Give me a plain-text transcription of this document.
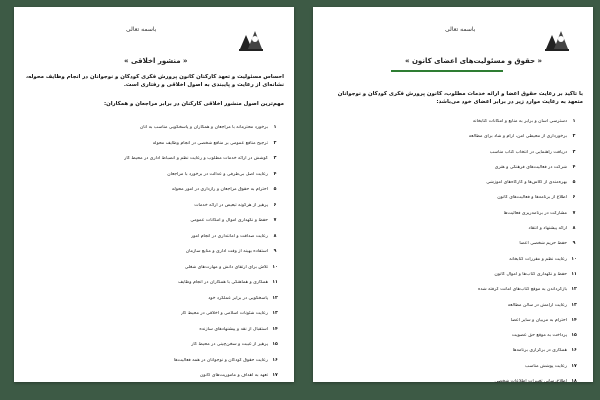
باسمه تعالی
« منشور اخلاقی »
احساس مسئولیت و تعهد کارکنان کانون پرورش فکری کودکان و نوجوانان در انجام وظایف محوله، نشانه‌ای از رعایت و پایبندی به اصول اخلاقی و رفتاری است.
مهم‌ترین اصول منشور اخلاقی کارکنان در برابر مراجعان و همکاران:
۱
برخورد محترمانه با مراجعان و همکاران و پاسخگویی مناسب به آنان
۲
ترجیح منافع عمومی بر منافع شخصی در انجام وظایف محوله
۳
کوشش در ارائه خدمات مطلوب و رعایت نظم و انضباط اداری در محیط کار
۴
رعایت اصل بی‌طرفی و عدالت در برخورد با مراجعان
۵
احترام به حقوق مراجعان و رازداری در امور محوله
۶
پرهیز از هرگونه تبعیض در ارائه خدمات
۷
حفظ و نگهداری اموال و امکانات عمومی
۸
رعایت صداقت و امانتداری در انجام امور
۹
استفاده بهینه از وقت اداری و منابع سازمان
۱۰
تلاش برای ارتقای دانش و مهارت‌های شغلی
۱۱
همکاری و هماهنگی با همکاران در انجام وظایف
۱۲
پاسخگویی در برابر عملکرد خود
۱۳
رعایت شئونات اسلامی و اخلاقی در محیط کار
۱۴
استقبال از نقد و پیشنهادهای سازنده
۱۵
پرهیز از غیبت و سخن‌چینی در محیط کار
۱۶
رعایت حقوق کودکان و نوجوانان در همه فعالیت‌ها
۱۷
تعهد به اهداف و ماموریت‌های کانون
باسمه تعالی
« حقوق و مسئولیت‌های اعضای کانون »
با تاکید بر رعایت حقوق اعضا و ارائه خدمات مطلوب، کانون پرورش فکری کودکان و نوجوانان متعهد به رعایت موارد زیر در برابر اعضای خود می‌باشد:
۱
دسترسی آسان و برابر به منابع و امکانات کتابخانه
۲
برخورداری از محیطی امن، آرام و شاد برای مطالعه
۳
دریافت راهنمایی در انتخاب کتاب مناسب
۴
شرکت در فعالیت‌های فرهنگی و هنری
۵
بهره‌مندی از کلاس‌ها و کارگاه‌های آموزشی
۶
اطلاع از برنامه‌ها و فعالیت‌های کانون
۷
مشارکت در برنامه‌ریزی فعالیت‌ها
۸
ارائه پیشنهاد و انتقاد
۹
حفظ حریم شخصی اعضا
۱۰
رعایت نظم و مقررات کتابخانه
۱۱
حفظ و نگهداری کتاب‌ها و اموال کانون
۱۲
بازگرداندن به موقع کتاب‌های امانت گرفته شده
۱۳
رعایت آرامش در سالن مطالعه
۱۴
احترام به مربیان و سایر اعضا
۱۵
پرداخت به موقع حق عضویت
۱۶
همکاری در برگزاری برنامه‌ها
۱۷
رعایت پوشش مناسب
۱۸
اطلاع‌رسانی تغییرات اطلاعات شخصی
